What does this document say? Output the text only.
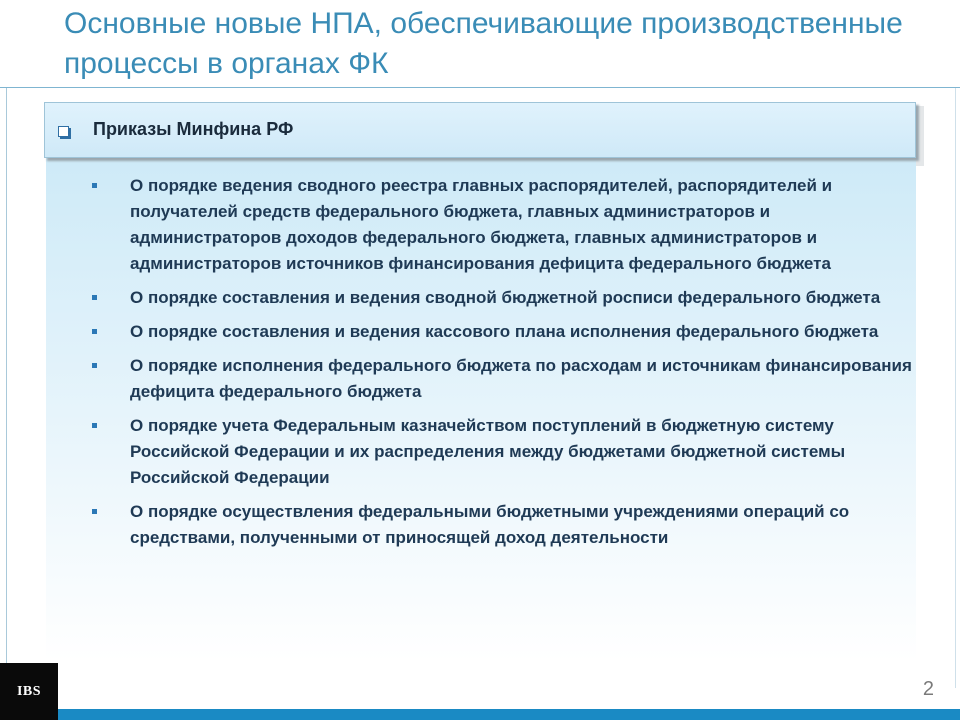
Основные новые НПА, обеспечивающие производственные процессы в органах ФК
Приказы Минфина РФ
О порядке ведения сводного реестра главных распорядителей, распорядителей и получателей средств федерального бюджета, главных администраторов и администраторов доходов федерального бюджета, главных администраторов и администраторов источников финансирования дефицита федерального бюджета
О порядке составления и ведения сводной бюджетной росписи федерального бюджета
О порядке составления и ведения кассового плана исполнения федерального бюджета
О порядке исполнения федерального бюджета по расходам и источникам финансирования дефицита федерального бюджета
О порядке учета Федеральным казначейством поступлений в бюджетную систему Российской Федерации и их распределения между бюджетами бюджетной системы Российской Федерации
О порядке осуществления федеральными бюджетными учреждениями операций со средствами, полученными от приносящей доход деятельности
IBS	2
